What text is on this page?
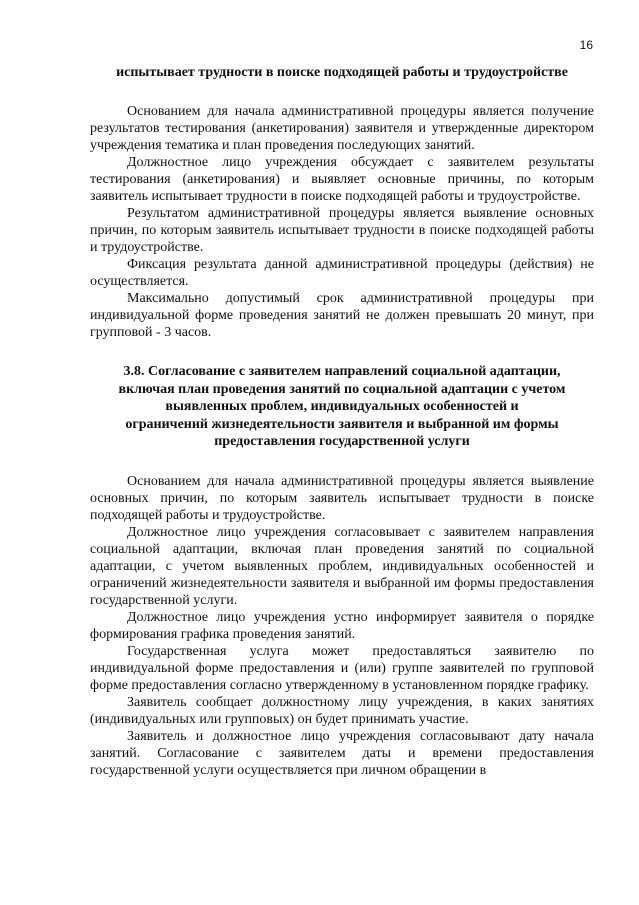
16
испытывает трудности в поиске подходящей работы и трудоустройстве

Основанием для начала административной процедуры является получение результатов тестирования (анкетирования) заявителя и утвержденные директором учреждения тематика и план проведения последующих занятий.

Должностное лицо учреждения обсуждает с заявителем результаты тестирования (анкетирования) и выявляет основные причины, по которым заявитель испытывает трудности в поиске подходящей работы и трудоустройстве.

Результатом административной процедуры является выявление основных причин, по которым заявитель испытывает трудности в поиске подходящей работы и трудоустройстве.

Фиксация результата данной административной процедуры (действия) не осуществляется.

Максимально допустимый срок административной процедуры при индивидуальной форме проведения занятий не должен превышать 20 минут, при групповой - 3 часов.

3.8. Согласование с заявителем направлений социальной адаптации,
включая план проведения занятий по социальной адаптации с учетом
выявленных проблем, индивидуальных особенностей и
ограничений жизнедеятельности заявителя и выбранной им формы
предоставления государственной услуги

Основанием для начала административной процедуры является выявление основных причин, по которым заявитель испытывает трудности в поиске подходящей работы и трудоустройстве.

Должностное лицо учреждения согласовывает с заявителем направления социальной адаптации, включая план проведения занятий по социальной адаптации, с учетом выявленных проблем, индивидуальных особенностей и ограничений жизнедеятельности заявителя и выбранной им формы предоставления государственной услуги.

Должностное лицо учреждения устно информирует заявителя о порядке формирования графика проведения занятий.

Государственная услуга может предоставляться заявителю по индивидуальной форме предоставления и (или) группе заявителей по групповой форме предоставления согласно утвержденному в установленном порядке графику.

Заявитель сообщает должностному лицу учреждения, в каких занятиях (индивидуальных или групповых) он будет принимать участие.

Заявитель и должностное лицо учреждения согласовывают дату начала занятий. Согласование с заявителем даты и времени предоставления государственной услуги осуществляется при личном обращении в
